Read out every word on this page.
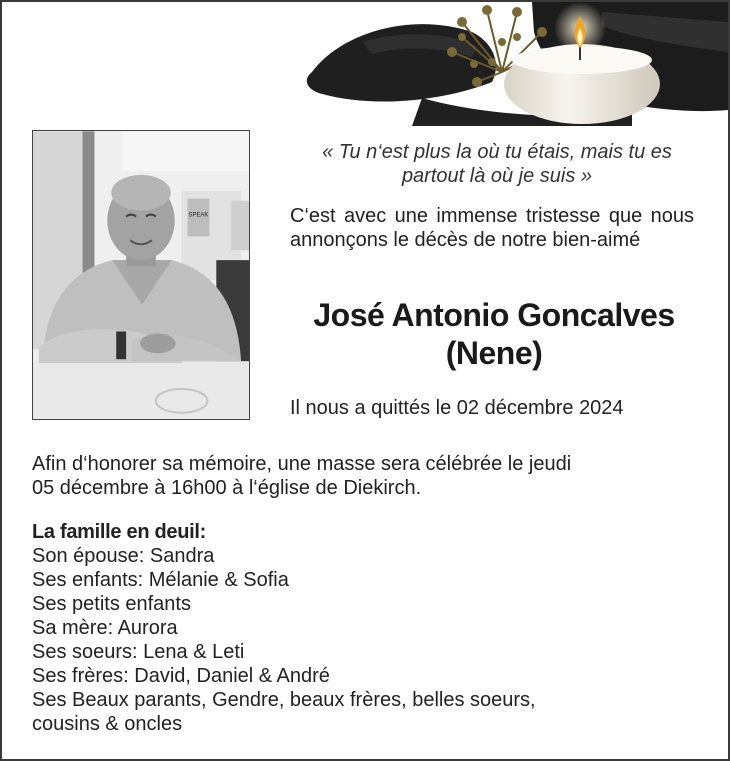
SPEAK
« Tu n‘est plus la où tu étais, mais tu es
partout là où je suis »
C‘est avec une immense tristesse que nous annonçons le décès de notre bien-aimé
José Antonio Goncalves
(Nene)
Il nous a quittés le 02 décembre 2024
Afin d‘honorer sa mémoire, une masse sera célébrée le jeudi
05 décembre à 16h00 à l‘église de Diekirch.
La famille en deuil:
Son épouse: Sandra
Ses enfants: Mélanie & Sofia
Ses petits enfants
Sa mère: Aurora
Ses soeurs: Lena & Leti
Ses frères: David, Daniel & André
Ses Beaux parants, Gendre, beaux frères, belles soeurs,
cousins & oncles
